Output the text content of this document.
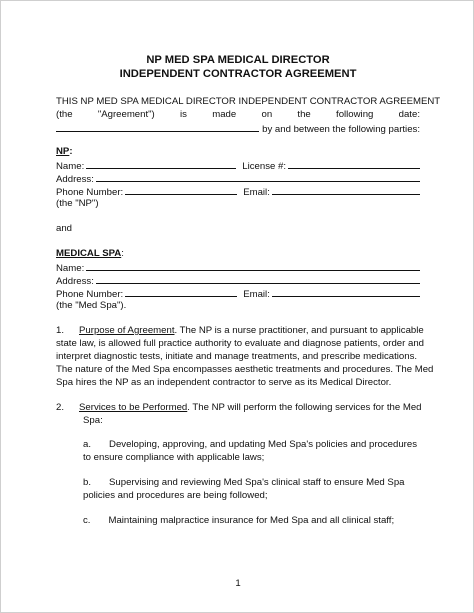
NP MED SPA MEDICAL DIRECTOR
INDEPENDENT CONTRACTOR AGREEMENT
THIS NP MED SPA MEDICAL DIRECTOR INDEPENDENT CONTRACTOR AGREEMENT
(the	"Agreement")	is	made	on	the	following	date:
by and between the following parties:
NP:
Name:	License #:
Address:
Phone Number:	Email:
(the "NP")
and
MEDICAL SPA:
Name:
Address:
Phone Number:	Email:
(the "Med Spa").
1. Purpose of Agreement. The NP is a nurse practitioner, and pursuant to applicable
state law, is allowed full practice authority to evaluate and diagnose patients, order and
interpret diagnostic tests, initiate and manage treatments, and prescribe medications.
The nature of the Med Spa encompasses aesthetic treatments and procedures. The Med
Spa hires the NP as an independent contractor to serve as its Medical Director.
2. Services to be Performed. The NP will perform the following services for the Med
Spa:
a. Developing, approving, and updating Med Spa's policies and procedures
to ensure compliance with applicable laws;
b. Supervising and reviewing Med Spa's clinical staff to ensure Med Spa
policies and procedures are being followed;
c. Maintaining malpractice insurance for Med Spa and all clinical staff;
1
